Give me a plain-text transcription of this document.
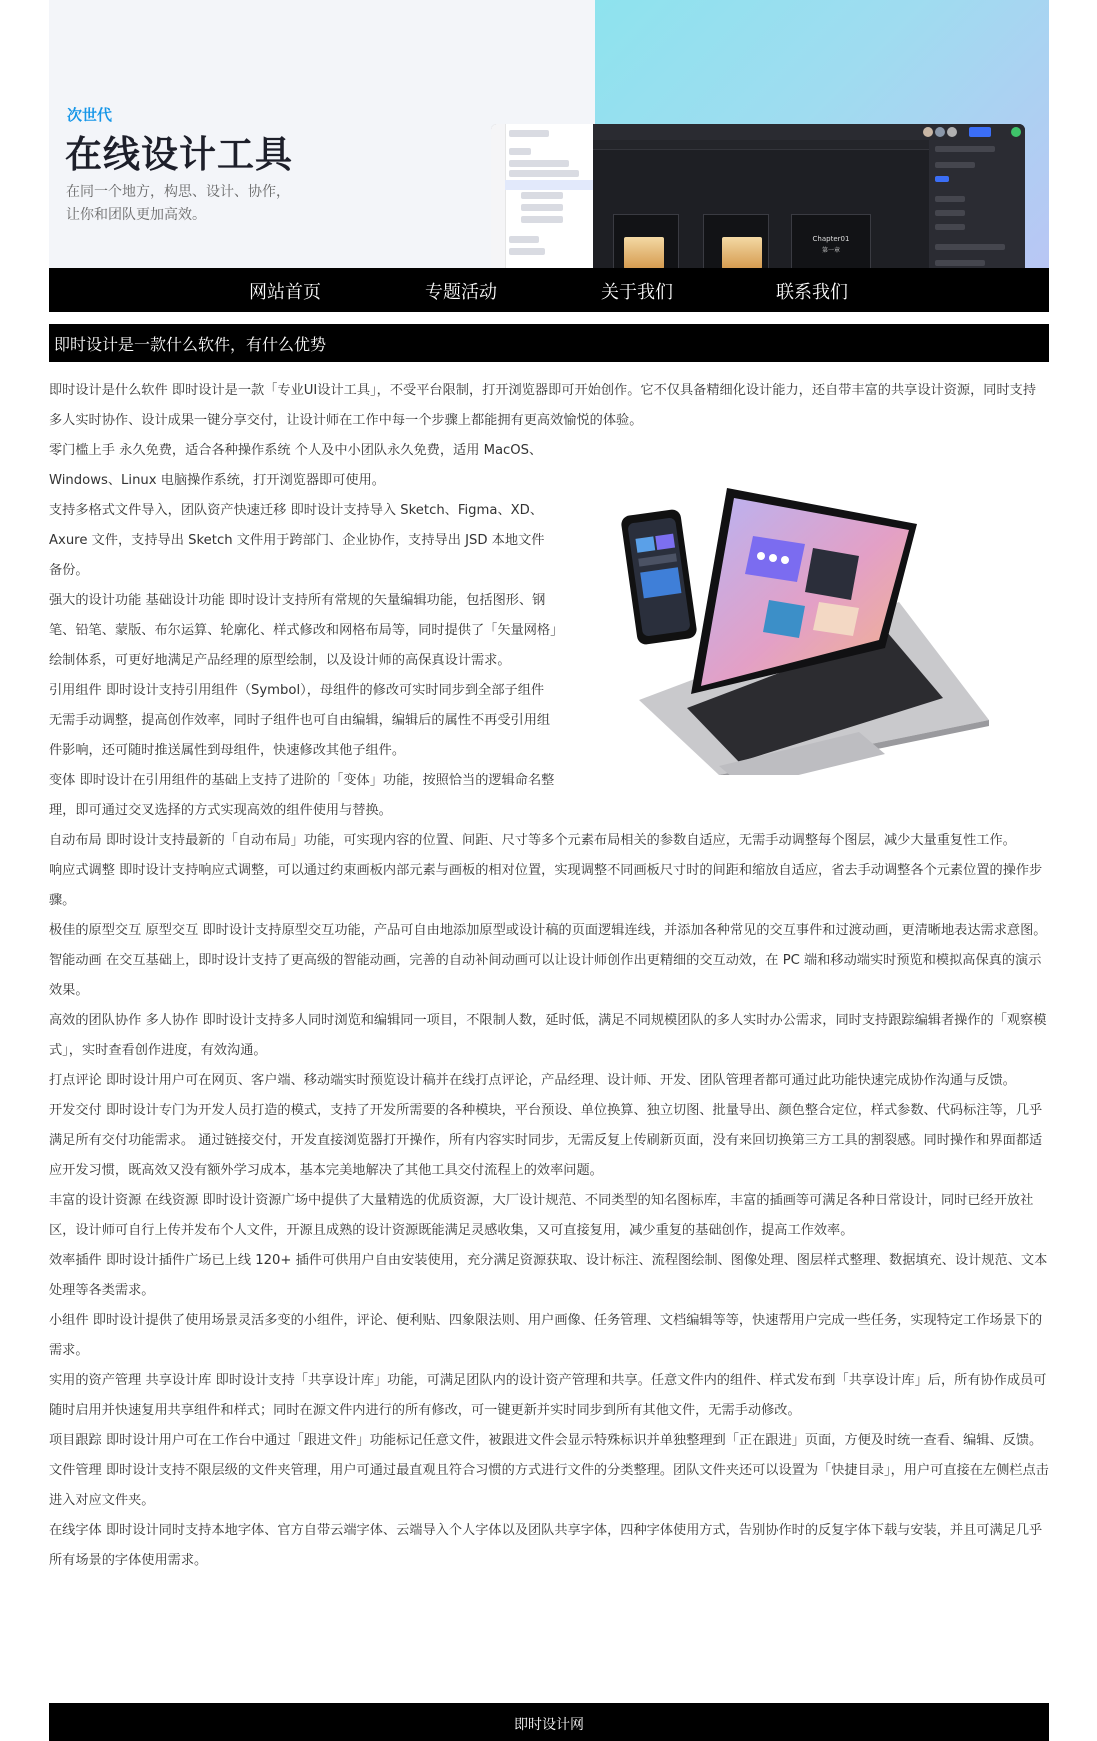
次世代
在线设计工具
在同一个地方，构思、设计、协作，
让你和团队更加高效。
Chapter01
第一章
网站首页	专题活动	关于我们	联系我们
即时设计是一款什么软件，有什么优势

即时设计是什么软件 即时设计是一款「专业UI设计工具」，不受平台限制，打开浏览器即可开始创作。它不仅具备精细化设计能力，还自带丰富的共享设计资源，同时支持多人实时协作、设计成果一键分享交付，让设计师在工作中每一个步骤上都能拥有更高效愉悦的体验。

零门槛上手 永久免费，适合各种操作系统 个人及中小团队永久免费，适用 MacOS、Windows、Linux 电脑操作系统，打开浏览器即可使用。

支持多格式文件导入，团队资产快速迁移 即时设计支持导入 Sketch、Figma、XD、Axure 文件，支持导出 Sketch 文件用于跨部门、企业协作，支持导出 JSD 本地文件备份。

强大的设计功能 基础设计功能 即时设计支持所有常规的矢量编辑功能，包括图形、钢笔、铅笔、蒙版、布尔运算、轮廓化、样式修改和网格布局等，同时提供了「矢量网格」绘制体系，可更好地满足产品经理的原型绘制，以及设计师的高保真设计需求。

引用组件 即时设计支持引用组件（Symbol），母组件的修改可实时同步到全部子组件无需手动调整，提高创作效率，同时子组件也可自由编辑，编辑后的属性不再受引用组件影响，还可随时推送属性到母组件，快速修改其他子组件。

变体 即时设计在引用组件的基础上支持了进阶的「变体」功能，按照恰当的逻辑命名整理，即可通过交叉选择的方式实现高效的组件使用与替换。

自动布局 即时设计支持最新的「自动布局」功能，可实现内容的位置、间距、尺寸等多个元素布局相关的参数自适应，无需手动调整每个图层，减少大量重复性工作。

响应式调整 即时设计支持响应式调整，可以通过约束画板内部元素与画板的相对位置，实现调整不同画板尺寸时的间距和缩放自适应，省去手动调整各个元素位置的操作步骤。

极佳的原型交互 原型交互 即时设计支持原型交互功能，产品可自由地添加原型或设计稿的页面逻辑连线，并添加各种常见的交互事件和过渡动画，更清晰地表达需求意图。

智能动画 在交互基础上，即时设计支持了更高级的智能动画，完善的自动补间动画可以让设计师创作出更精细的交互动效，在 PC 端和移动端实时预览和模拟高保真的演示效果。

高效的团队协作 多人协作 即时设计支持多人同时浏览和编辑同一项目，不限制人数，延时低，满足不同规模团队的多人实时办公需求，同时支持跟踪编辑者操作的「观察模式」，实时查看创作进度，有效沟通。

打点评论 即时设计用户可在网页、客户端、移动端实时预览设计稿并在线打点评论，产品经理、设计师、开发、团队管理者都可通过此功能快速完成协作沟通与反馈。

开发交付 即时设计专门为开发人员打造的模式，支持了开发所需要的各种模块，平台预设、单位换算、独立切图、批量导出、颜色整合定位，样式参数、代码标注等，几乎满足所有交付功能需求。 通过链接交付，开发直接浏览器打开操作，所有内容实时同步，无需反复上传刷新页面，没有来回切换第三方工具的割裂感。同时操作和界面都适应开发习惯，既高效又没有额外学习成本，基本完美地解决了其他工具交付流程上的效率问题。

丰富的设计资源 在线资源 即时设计资源广场中提供了大量精选的优质资源，大厂设计规范、不同类型的知名图标库，丰富的插画等可满足各种日常设计，同时已经开放社区，设计师可自行上传并发布个人文件，开源且成熟的设计资源既能满足灵感收集，又可直接复用，减少重复的基础创作，提高工作效率。

效率插件 即时设计插件广场已上线 120+ 插件可供用户自由安装使用，充分满足资源获取、设计标注、流程图绘制、图像处理、图层样式整理、数据填充、设计规范、文本处理等各类需求。

小组件 即时设计提供了使用场景灵活多变的小组件，评论、便利贴、四象限法则、用户画像、任务管理、文档编辑等等，快速帮用户完成一些任务，实现特定工作场景下的需求。

实用的资产管理 共享设计库 即时设计支持「共享设计库」功能，可满足团队内的设计资产管理和共享。任意文件内的组件、样式发布到「共享设计库」后，所有协作成员可随时启用并快速复用共享组件和样式；同时在源文件内进行的所有修改，可一键更新并实时同步到所有其他文件，无需手动修改。

项目跟踪 即时设计用户可在工作台中通过「跟进文件」功能标记任意文件，被跟进文件会显示特殊标识并单独整理到「正在跟进」页面，方便及时统一查看、编辑、反馈。

文件管理 即时设计支持不限层级的文件夹管理，用户可通过最直观且符合习惯的方式进行文件的分类整理。团队文件夹还可以设置为「快捷目录」，用户可直接在左侧栏点击进入对应文件夹。

在线字体 即时设计同时支持本地字体、官方自带云端字体、云端导入个人字体以及团队共享字体，四种字体使用方式，告别协作时的反复字体下载与安装，并且可满足几乎所有场景的字体使用需求。

即时设计网
